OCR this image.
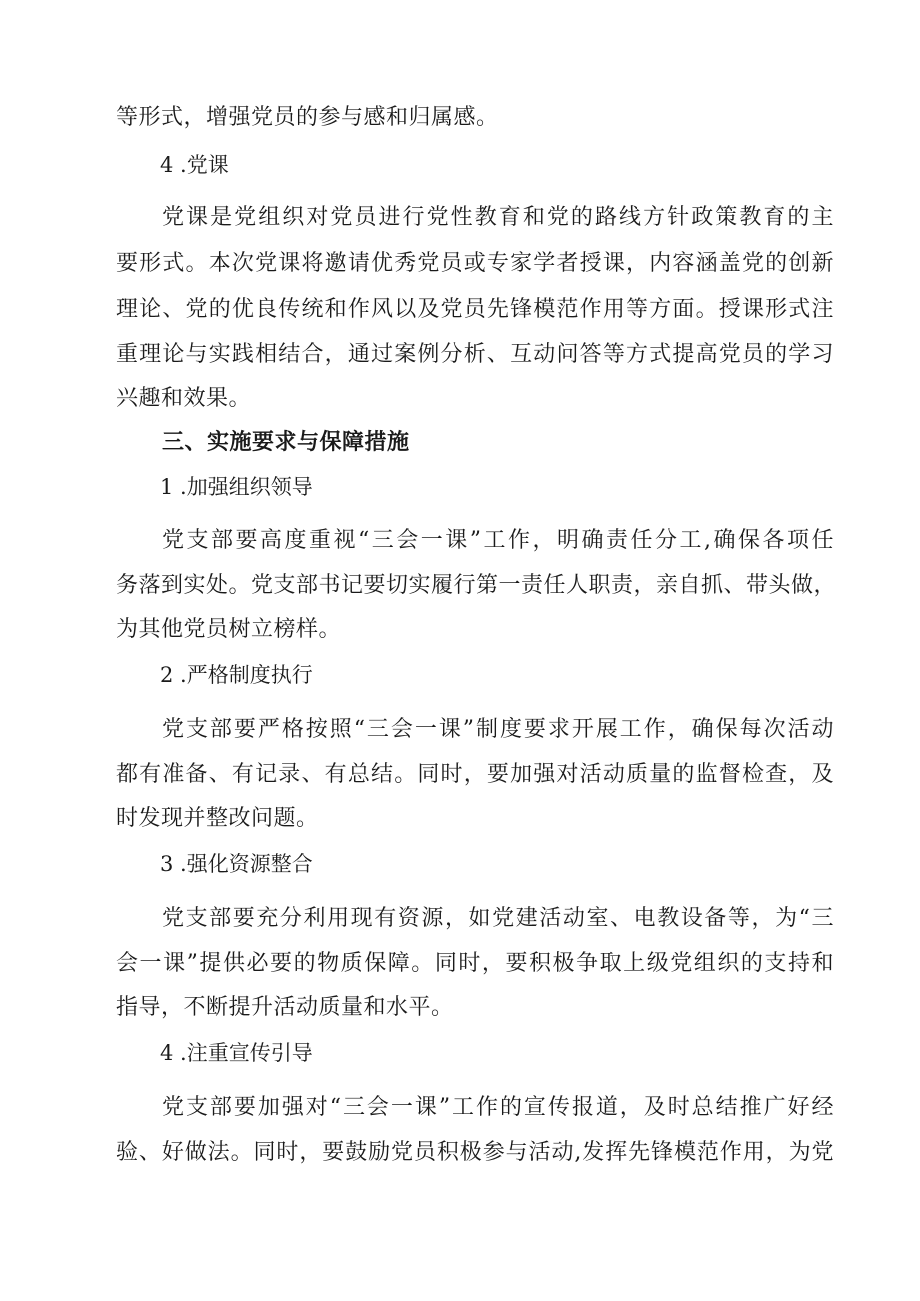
等形式，增强党员的参与感和归属感。
4 .党课
党课是党组织对党员进行党性教育和党的路线方针政策教育的主
要形式。本次党课将邀请优秀党员或专家学者授课，内容涵盖党的创新
理论、党的优良传统和作风以及党员先锋模范作用等方面。授课形式注
重理论与实践相结合，通过案例分析、互动问答等方式提高党员的学习
兴趣和效果。
三、实施要求与保障措施
1 .加强组织领导
党支部要高度重视“三会一课”工作，明确责任分工,确保各项任
务落到实处。党支部书记要切实履行第一责任人职责，亲自抓、带头做，
为其他党员树立榜样。
2 .严格制度执行
党支部要严格按照“三会一课”制度要求开展工作，确保每次活动
都有准备、有记录、有总结。同时，要加强对活动质量的监督检查，及
时发现并整改问题。
3 .强化资源整合
党支部要充分利用现有资源，如党建活动室、电教设备等，为“三
会一课”提供必要的物质保障。同时，要积极争取上级党组织的支持和
指导，不断提升活动质量和水平。
4 .注重宣传引导
党支部要加强对“三会一课”工作的宣传报道，及时总结推广好经
验、好做法。同时，要鼓励党员积极参与活动,发挥先锋模范作用，为党
